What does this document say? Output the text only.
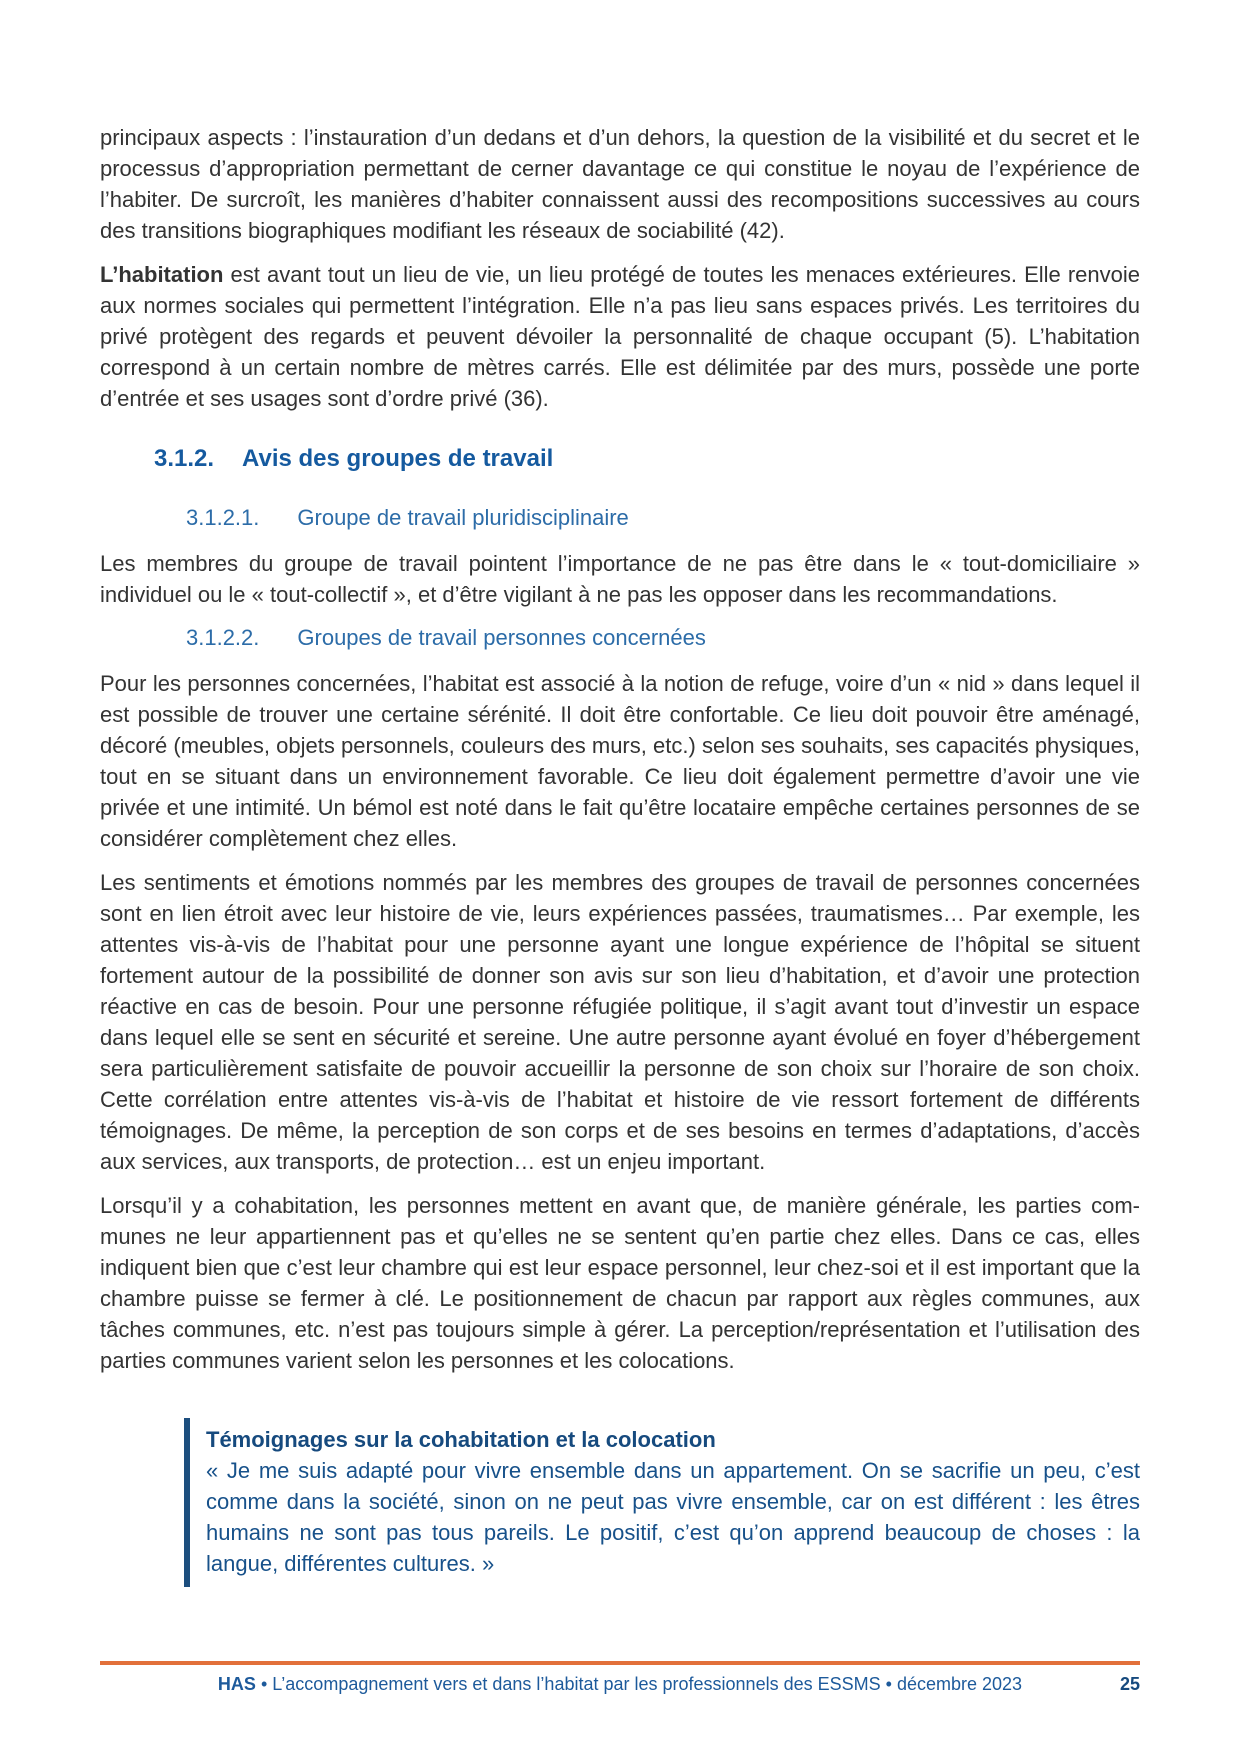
principaux aspects : l’instauration d’un dedans et d’un dehors, la question de la visibilité et du secret et le processus d’appropriation permettant de cerner davantage ce qui constitue le noyau de l’expérience de l’habiter. De surcroît, les manières d’habiter connaissent aussi des recompositions successives au cours des transitions biographiques modifiant les réseaux de sociabilité (42).

L’habitation est avant tout un lieu de vie, un lieu protégé de toutes les menaces extérieures. Elle renvoie aux normes sociales qui permettent l’intégration. Elle n’a pas lieu sans espaces privés. Les territoires du privé protègent des regards et peuvent dévoiler la personnalité de chaque occupant (5). L’habitation correspond à un certain nombre de mètres carrés. Elle est délimitée par des murs, possède une porte d’entrée et ses usages sont d’ordre privé (36).

3.1.2. Avis des groupes de travail
3.1.2.1. Groupe de travail pluridisciplinaire

Les membres du groupe de travail pointent l’importance de ne pas être dans le « tout-domiciliaire » individuel ou le « tout-collectif », et d’être vigilant à ne pas les opposer dans les recommandations.

3.1.2.2. Groupes de travail personnes concernées

Pour les personnes concernées, l’habitat est associé à la notion de refuge, voire d’un « nid » dans lequel il est possible de trouver une certaine sérénité. Il doit être confortable. Ce lieu doit pouvoir être aménagé, décoré (meubles, objets personnels, couleurs des murs, etc.) selon ses souhaits, ses capacités physiques, tout en se situant dans un environnement favorable. Ce lieu doit également permettre d’avoir une vie privée et une intimité. Un bémol est noté dans le fait qu’être locataire empêche certaines personnes de se considérer complètement chez elles.

Les sentiments et émotions nommés par les membres des groupes de travail de personnes concernées sont en lien étroit avec leur histoire de vie, leurs expériences passées, traumatismes… Par exemple, les attentes vis-à-vis de l’habitat pour une personne ayant une longue expérience de l’hôpital se situent fortement autour de la possibilité de donner son avis sur son lieu d’habitation, et d’avoir une protection réactive en cas de besoin. Pour une personne réfugiée politique, il s’agit avant tout d’investir un espace dans lequel elle se sent en sécurité et sereine. Une autre personne ayant évolué en foyer d’hébergement sera particulièrement satisfaite de pouvoir accueillir la personne de son choix sur l’horaire de son choix. Cette corrélation entre attentes vis-à-vis de l’habitat et histoire de vie ressort fortement de différents témoignages. De même, la perception de son corps et de ses besoins en termes d’adaptations, d’accès aux services, aux transports, de protection… est un enjeu important.

Lorsqu’il y a cohabitation, les personnes mettent en avant que, de manière générale, les parties communes ne leur appartiennent pas et qu’elles ne se sentent qu’en partie chez elles. Dans ce cas, elles indiquent bien que c’est leur chambre qui est leur espace personnel, leur chez-soi et il est important que la chambre puisse se fermer à clé. Le positionnement de chacun par rapport aux règles communes, aux tâches communes, etc. n’est pas toujours simple à gérer. La perception/représentation et l’utilisation des parties communes varient selon les personnes et les colocations.

Témoignages sur la cohabitation et la colocation

« Je me suis adapté pour vivre ensemble dans un appartement. On se sacrifie un peu, c’est comme dans la société, sinon on ne peut pas vivre ensemble, car on est différent : les êtres humains ne sont pas tous pareils. Le positif, c’est qu’on apprend beaucoup de choses : la langue, différentes cultures. »

HAS • L’accompagnement vers et dans l’habitat par les professionnels des ESSMS • décembre 2023	25
